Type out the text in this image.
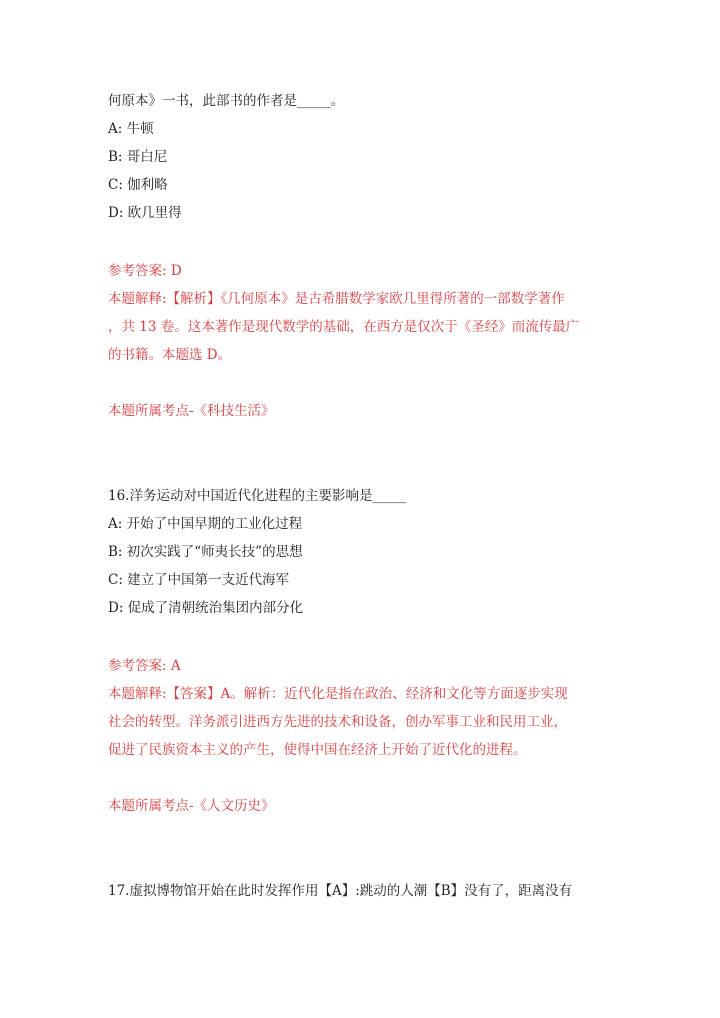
何原本》一书，此部书的作者是_____。
A: 牛顿
B: 哥白尼
C: 伽利略
D: 欧几里得
参考答案: D
本题解释:【解析】《几何原本》是古希腊数学家欧几里得所著的一部数学著作
，共 13 卷。这本著作是现代数学的基础，在西方是仅次于《圣经》而流传最广
的书籍。本题选 D。
本题所属考点-《科技生活》
16.洋务运动对中国近代化进程的主要影响是_____
A: 开始了中国早期的工业化过程
B: 初次实践了“师夷长技”的思想
C: 建立了中国第一支近代海军
D: 促成了清朝统治集团内部分化
参考答案: A
本题解释:【答案】A。解析：近代化是指在政治、经济和文化等方面逐步实现
社会的转型。洋务派引进西方先进的技术和设备，创办军事工业和民用工业，
促进了民族资本主义的产生，使得中国在经济上开始了近代化的进程。
本题所属考点-《人文历史》
17.虚拟博物馆开始在此时发挥作用【A】:跳动的人潮【B】没有了，距离没有
